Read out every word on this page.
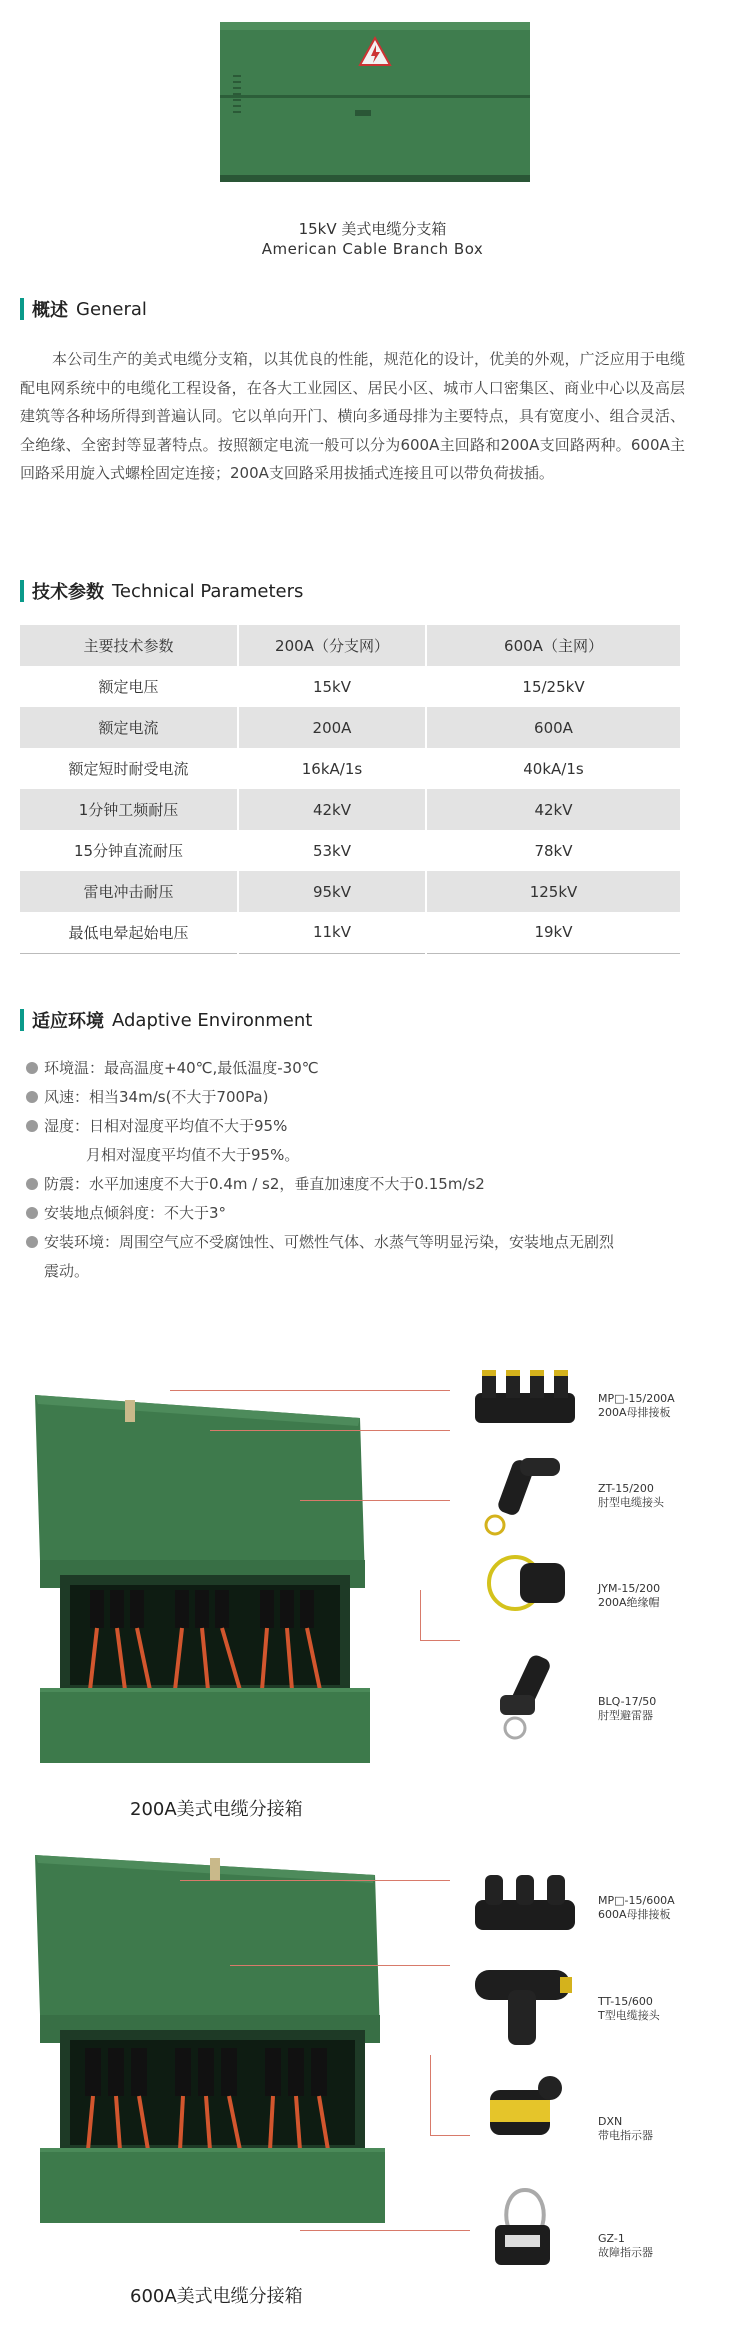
15kV 美式电缆分支箱
American Cable Branch Box
概述 General

本公司生产的美式电缆分支箱，以其优良的性能，规范化的设计，优美的外观，广泛应用于电缆配电网系统中的电缆化工程设备，在各大工业园区、居民小区、城市人口密集区、商业中心以及高层建筑等各种场所得到普遍认同。它以单向开门、横向多通母排为主要特点，具有宽度小、组合灵活、全绝缘、全密封等显著特点。按照额定电流一般可以分为600A主回路和200A支回路两种。600A主回路采用旋入式螺栓固定连接；200A支回路采用拔插式连接且可以带负荷拔插。

技术参数 Technical Parameters
主要技术参数	200A（分支网）	600A（主网）
额定电压	15kV	15/25kV
额定电流	200A	600A
额定短时耐受电流	16kA/1s	40kA/1s
1分钟工频耐压	42kV	42kV
15分钟直流耐压	53kV	78kV
雷电冲击耐压	95kV	125kV
最低电晕起始电压	11kV	19kV
适应环境 Adaptive Environment
环境温：最高温度+40℃,最低温度-30℃
风速：相当34m/s(不大于700Pa)
湿度：日相对湿度平均值不大于95%
月相对湿度平均值不大于95%。
防震：水平加速度不大于0.4m / s2，垂直加速度不大于0.15m/s2
安装地点倾斜度：不大于3°
安装环境：周围空气应不受腐蚀性、可燃性气体、水蒸气等明显污染，安装地点无剧烈
震动。
200A美式电缆分接箱
MP□-15/200A
200A母排接板
ZT-15/200
肘型电缆接头
JYM-15/200
200A绝缘帽
BLQ-17/50
肘型避雷器
600A美式电缆分接箱
MP□-15/600A
600A母排接板
TT-15/600
T型电缆接头
DXN
带电指示器
GZ-1
故障指示器
